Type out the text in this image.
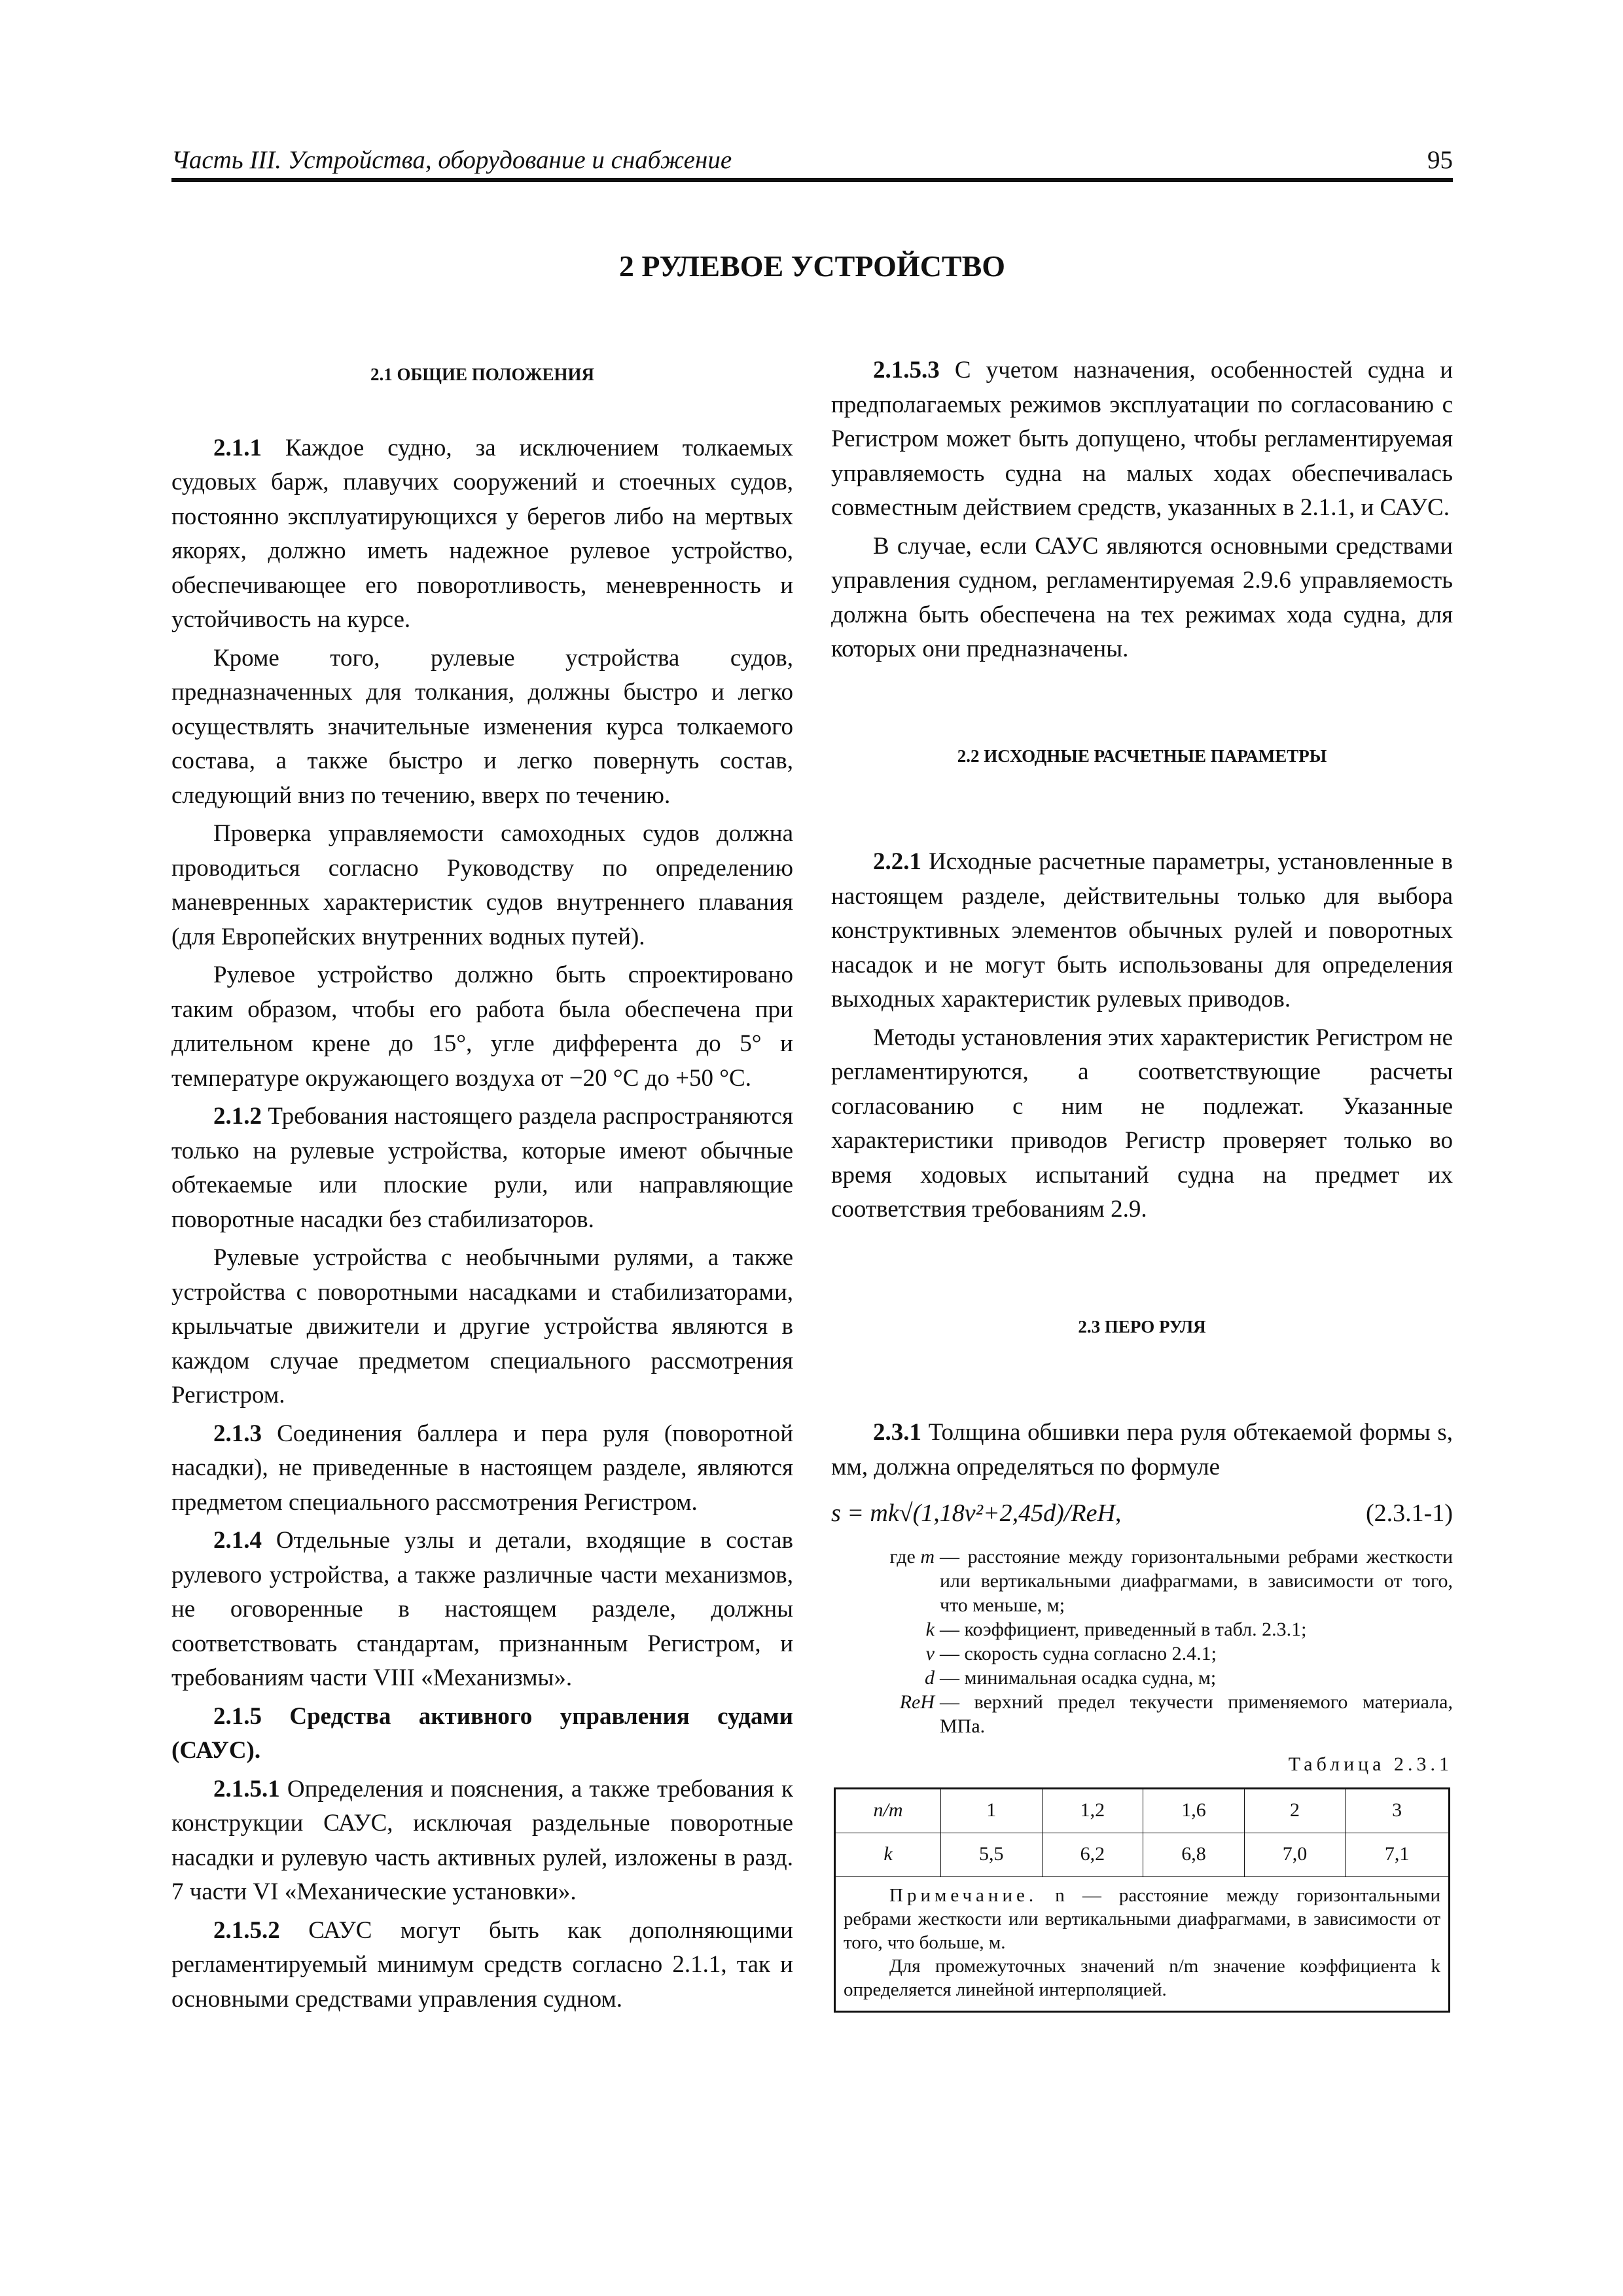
Часть III. Устройства, оборудование и снабжение	95
2 РУЛЕВОЕ УСТРОЙСТВО

2.1 ОБЩИЕ ПОЛОЖЕНИЯ

2.1.1 Каждое судно, за исключением толкаемых судовых барж, плавучих сооружений и стоечных судов, постоянно эксплуатирующихся у берегов либо на мертвых якорях, должно иметь надежное рулевое устройство, обеспечивающее его поворотливость, меневренность и устойчивость на курсе.

Кроме того, рулевые устройства судов, предназначенных для толкания, должны быстро и легко осуществлять значительные изменения курса толкаемого состава, а также быстро и легко повернуть состав, следующий вниз по течению, вверх по течению.

Проверка управляемости самоходных судов должна проводиться согласно Руководству по определению маневренных характеристик судов внутреннего плавания (для Европейских внутренних водных путей).

Рулевое устройство должно быть спроектировано таким образом, чтобы его работа была обеспечена при длительном крене до 15°, угле дифферента до 5° и температуре окружающего воздуха от −20 °C до +50 °C.

2.1.2 Требования настоящего раздела распространяются только на рулевые устройства, которые имеют обычные обтекаемые или плоские рули, или направляющие поворотные насадки без стабилизаторов.

Рулевые устройства с необычными рулями, а также устройства с поворотными насадками и стабилизаторами, крыльчатые движители и другие устройства являются в каждом случае предметом специального рассмотрения Регистром.

2.1.3 Соединения баллера и пера руля (поворотной насадки), не приведенные в настоящем разделе, являются предметом специального рассмотрения Регистром.

2.1.4 Отдельные узлы и детали, входящие в состав рулевого устройства, а также различные части механизмов, не оговоренные в настоящем разделе, должны соответствовать стандартам, признанным Регистром, и требованиям части VIII «Механизмы».

2.1.5 Средства активного управления судами (САУС).

2.1.5.1 Определения и пояснения, а также требования к конструкции САУС, исключая раздельные поворотные насадки и рулевую часть активных рулей, изложены в разд. 7 части VI «Механические установки».

2.1.5.2 САУС могут быть как дополняющими регламентируемый минимум средств согласно 2.1.1, так и основными средствами управления судном.

2.1.5.3 С учетом назначения, особенностей судна и предполагаемых режимов эксплуатации по согласованию с Регистром может быть допущено, чтобы регламентируемая управляемость судна на малых ходах обеспечивалась совместным действием средств, указанных в 2.1.1, и САУС.

В случае, если САУС являются основными средствами управления судном, регламентируемая 2.9.6 управляемость должна быть обеспечена на тех режимах хода судна, для которых они предназначены.

2.2 ИСХОДНЫЕ РАСЧЕТНЫЕ ПАРАМЕТРЫ

2.2.1 Исходные расчетные параметры, установленные в настоящем разделе, действительны только для выбора конструктивных элементов обычных рулей и поворотных насадок и не могут быть использованы для определения выходных характеристик рулевых приводов.

Методы установления этих характеристик Регистром не регламентируются, а соответствующие расчеты согласованию с ним не подлежат. Указанные характеристики приводов Регистр проверяет только во время ходовых испытаний судна на предмет их соответствия требованиям 2.9.

2.3 ПЕРО РУЛЯ

2.3.1 Толщина обшивки пера руля обтекаемой формы s, мм, должна определяться по формуле

s = mk√(1,18v²+2,45d)/ReH,	(2.3.1-1)
где m — расстояние между горизонтальными ребрами жесткости или вертикальными диафрагмами, в зависимости от того, что меньше, м;
k — коэффициент, приведенный в табл. 2.3.1;
v — скорость судна согласно 2.4.1;
d — минимальная осадка судна, м;
ReH — верхний предел текучести применяемого материала, МПа.

Таблица 2.3.1

n/m	1	1,2	1,6	2	3
k	5,5	6,2	6,8	7,0	7,1

Примечание. n — расстояние между горизонтальными ребрами жесткости или вертикальными диафрагмами, в зависимости от того, что больше, м.

Для промежуточных значений n/m значение коэффициента k определяется линейной интерполяцией.					
